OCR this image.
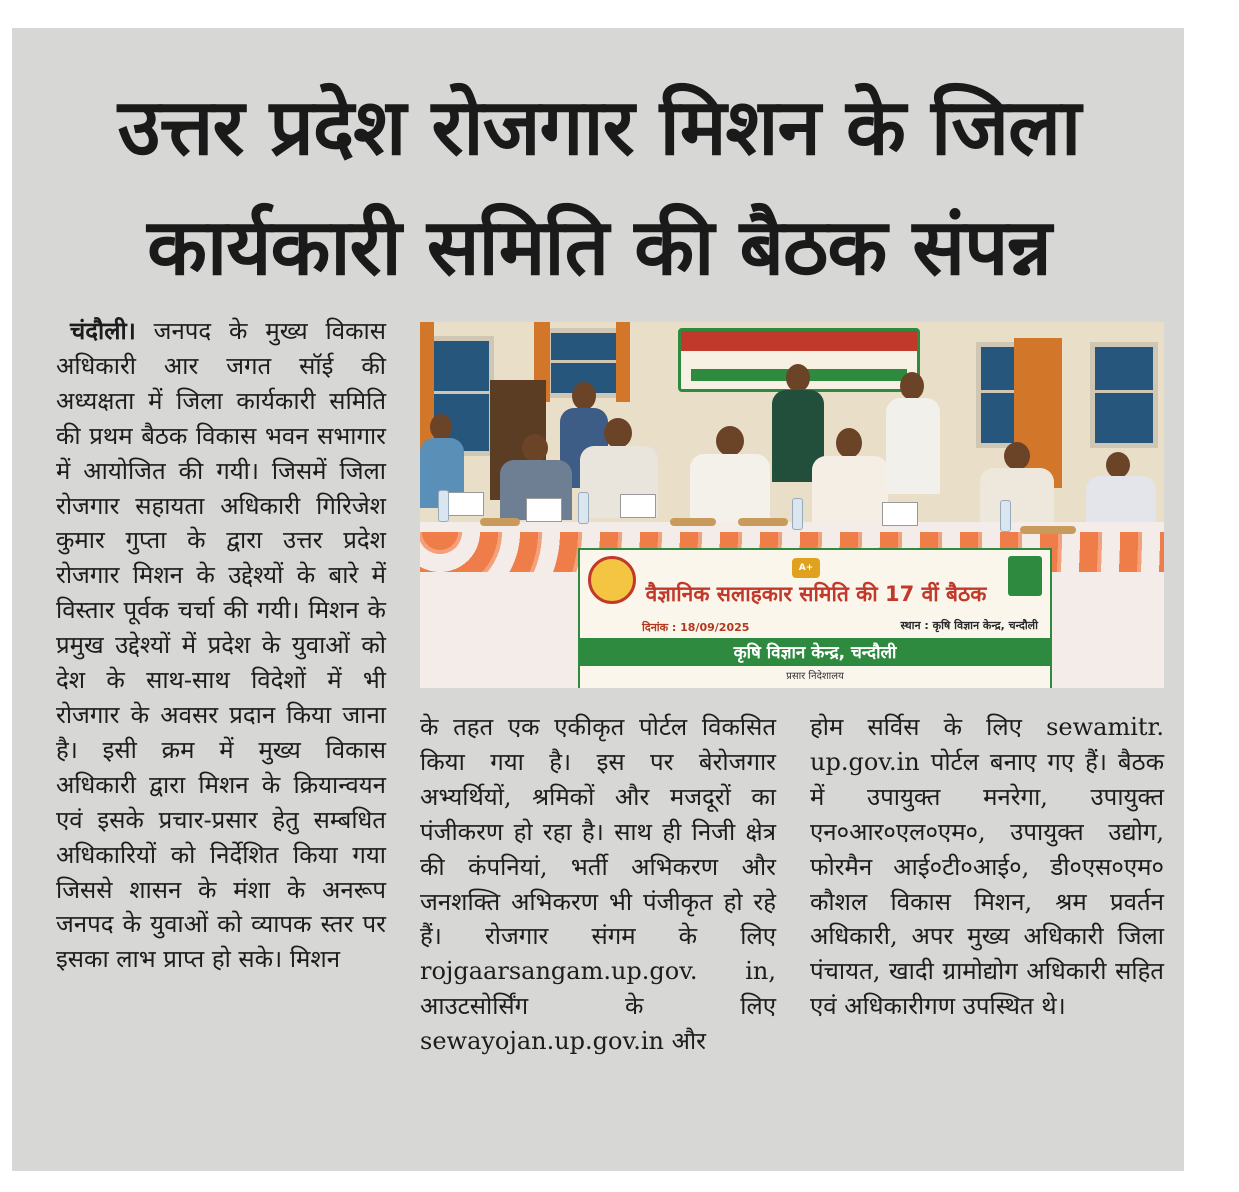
उत्तर प्रदेश रोजगार मिशन के जिला
कार्यकारी समिति की बैठक संपन्न

चंदौली। जनपद के मुख्य विकास अधिकारी आर जगत सॉई की अध्यक्षता में जिला कार्यकारी समिति की प्रथम बैठक विकास भवन सभागार में आयोजित की गयी। जिसमें जिला रोजगार सहायता अधिकारी गिरिजेश कुमार गुप्ता के द्वारा उत्तर प्रदेश रोजगार मिशन के उद्देश्यों के बारे में विस्तार पूर्वक चर्चा की गयी। मिशन के प्रमुख उद्देश्यों में प्रदेश के युवाओं को देश के साथ-साथ विदेशों में भी रोजगार के अवसर प्रदान किया जाना है। इसी क्रम में मुख्य विकास अधिकारी द्वारा मिशन के क्रियान्वयन एवं इसके प्रचार-प्रसार हेतु सम्बधित अधिकारियों को निर्देशित किया गया जिससे शासन के मंशा के अनरूप जनपद के युवाओं को व्यापक स्तर पर इसका लाभ प्राप्त हो सके। मिशन

A+

वैज्ञानिक सलाहकार समिति की 17 वीं बैठक

दिनांक : 18/09/2025	स्थान : कृषि विज्ञान केन्द्र, चन्दौली

कृषि विज्ञान केन्द्र, चन्दौली

प्रसार निदेशालय

के तहत एक एकीकृत पोर्टल विकसित किया गया है। इस पर बेरोजगार अभ्यर्थियों, श्रमिकों और मजदूरों का पंजीकरण हो रहा है। साथ ही निजी क्षेत्र की कंपनियां, भर्ती अभिकरण और जनशक्ति अभिकरण भी पंजीकृत हो रहे हैं। रोजगार संगम के लिए rojgaarsangam.up.gov. in, आउटसोर्सिंग के लिए sewayojan.up.gov.in और

होम सर्विस के लिए sewamitr. up.gov.in पोर्टल बनाए गए हैं। बैठक में उपायुक्त मनरेगा, उपायुक्त एन०आर०एल०एम०, उपायुक्त उद्योग, फोरमैन आई०टी०आई०, डी०एस०एम० कौशल विकास मिशन, श्रम प्रवर्तन अधिकारी, अपर मुख्य अधिकारी जिला पंचायत, खादी ग्रामोद्योग अधिकारी सहित एवं अधिकारीगण उपस्थित थे।
